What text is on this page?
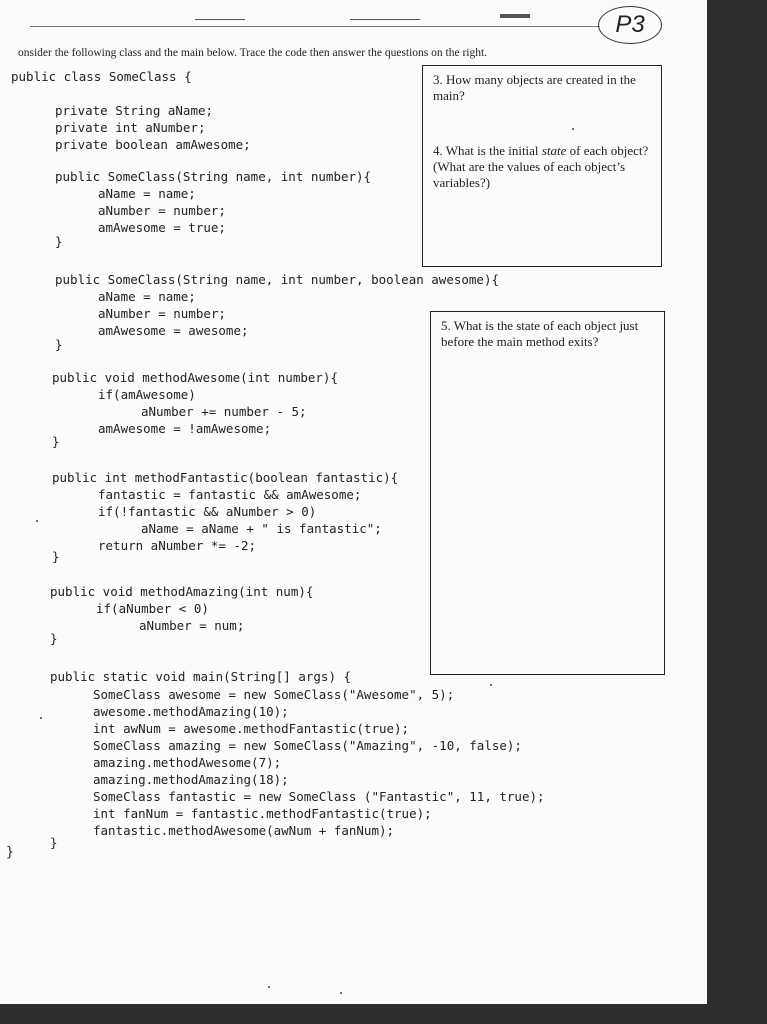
P3
onsider the following class and the main below. Trace the code then answer the questions on the right.
public class SomeClass {
private String aName;
private int aNumber;
private boolean amAwesome;
public SomeClass(String name, int number){
aName = name;
aNumber = number;
amAwesome = true;
}
public SomeClass(String name, int number, boolean awesome){
aName = name;
aNumber = number;
amAwesome = awesome;
}
public void methodAwesome(int number){
if(amAwesome)
aNumber += number - 5;
amAwesome = !amAwesome;
}
public int methodFantastic(boolean fantastic){
fantastic = fantastic && amAwesome;
if(!fantastic && aNumber > 0)
aName = aName + " is fantastic";
return aNumber *= -2;
}
public void methodAmazing(int num){
if(aNumber < 0)
aNumber = num;
}
public static void main(String[] args) {
SomeClass awesome = new SomeClass("Awesome", 5);
awesome.methodAmazing(10);
int awNum = awesome.methodFantastic(true);
SomeClass amazing = new SomeClass("Amazing", -10, false);
amazing.methodAwesome(7);
amazing.methodAmazing(18);
SomeClass fantastic = new SomeClass ("Fantastic", 11, true);
int fanNum = fantastic.methodFantastic(true);
fantastic.methodAwesome(awNum + fanNum);
}
}
3. How many objects are created in the main?
4. What is the initial state of each object? (What are the values of each object’s variables?)
5. What is the state of each object just before the main method exits?
